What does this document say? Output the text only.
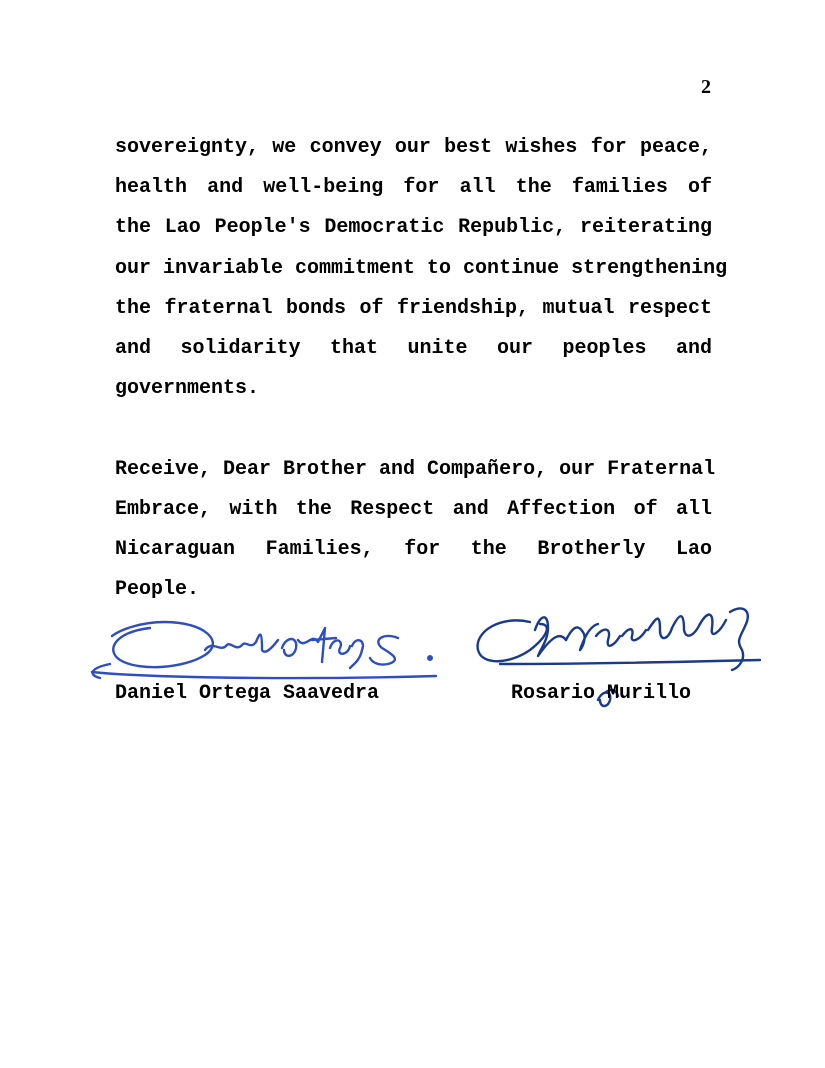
2
sovereignty, we convey our best wishes for peace,
health and well-being for all the families of
the Lao People's Democratic Republic, reiterating
our invariable commitment to continue strengthening
the fraternal bonds of friendship, mutual respect
and solidarity that unite our peoples and
governments.
Receive, Dear Brother and Compañero, our Fraternal
Embrace, with the Respect and Affection of all
Nicaraguan Families, for the Brotherly Lao
People.
Daniel Ortega Saavedra	Rosario Murillo
